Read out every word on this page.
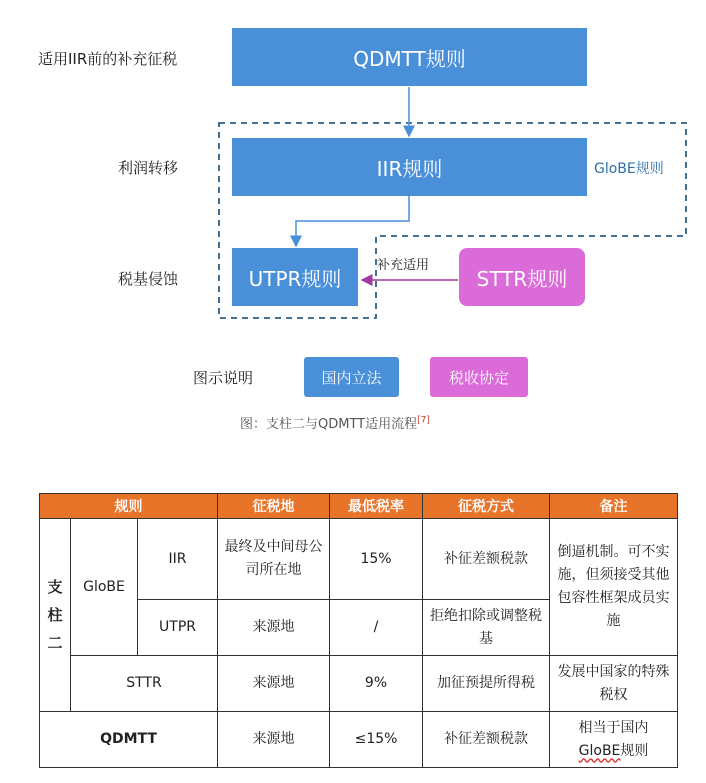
适用IIR前的补充征税
利润转移
税基侵蚀
QDMTT规则
IIR规则
UTPR规则	STTR规则
GloBE规则
补充适用
图示说明	国内立法	税收协定
图：支柱二与QDMTT适用流程[7]
规则			征税地	最低税率	征税方式	备注
支柱二	GloBE	IIR	最终及中间母公司所在地	15%	补征差额税款	倒逼机制。可不实施，但须接受其他包容性框架成员实施
		UTPR	来源地	/	拒绝扣除或调整税基	
	STTR		来源地	9%	加征预提所得税	发展中国家的特殊税权
QDMTT			来源地	≤15%	补征差额税款	相当于国内
GloBE规则
